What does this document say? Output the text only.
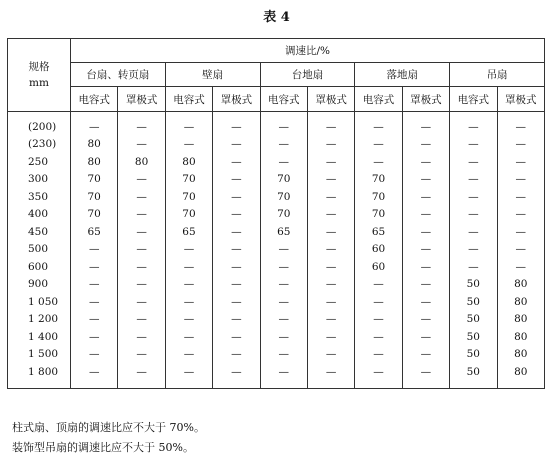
表 4
规格
mm	调速比/%									
	台扇、转页扇		壁扇		台地扇		落地扇		吊扇	
	电容式	罩极式	电容式	罩极式	电容式	罩极式	电容式	罩极式	电容式	罩极式
(200)	—	—	—	—	—	—	—	—	—	—
(230)	80	—	—	—	—	—	—	—	—	—
250	80	80	80	—	—	—	—	—	—	—
300	70	—	70	—	70	—	70	—	—	—
350	70	—	70	—	70	—	70	—	—	—
400	70	—	70	—	70	—	70	—	—	—
450	65	—	65	—	65	—	65	—	—	—
500	—	—	—	—	—	—	60	—	—	—
600	—	—	—	—	—	—	60	—	—	—
900	—	—	—	—	—	—	—	—	50	80
1 050	—	—	—	—	—	—	—	—	50	80
1 200	—	—	—	—	—	—	—	—	50	80
1 400	—	—	—	—	—	—	—	—	50	80
1 500	—	—	—	—	—	—	—	—	50	80
1 800	—	—	—	—	—	—	—	—	50	80
柱式扇、顶扇的调速比应不大于 70%。
装饰型吊扇的调速比应不大于 50%。
